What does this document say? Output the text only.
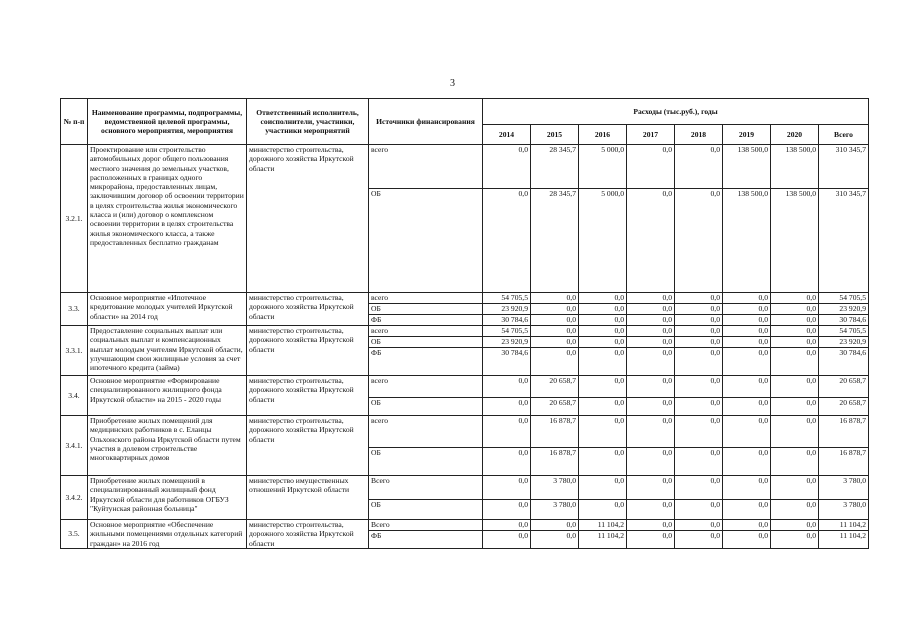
3
№ п-п	Наименование программы, подпрограммы, ведомственной целевой программы, основного мероприятия, мероприятия	Ответственный исполнитель, соисполнители, участники, участники мероприятий	Источники финансирования	Расходы (тыс.руб.), годы							
				2014	2015	2016	2017	2018	2019	2020	Всего
3.2.1.	Проектирование или строительство автомобильных дорог общего пользования местного значения до земельных участков, расположенных в границах одного микрорайона, предоставленных лицам, заключившим договор об освоении территории в целях строительства жилья экономического класса и (или) договор о комплексном освоении территории в целях строительства жилья экономического класса, а также предоставленных бесплатно гражданам	министерство строительства, дорожного хозяйства Иркутской области	всего	0,0	28 345,7	5 000,0	0,0	0,0	138 500,0	138 500,0	310 345,7
			ОБ	0,0	28 345,7	5 000,0	0,0	0,0	138 500,0	138 500,0	310 345,7
3.3.	Основное мероприятие «Ипотечное кредитование молодых учителей Иркутской области» на 2014 год	министерство строительства, дорожного хозяйства Иркутской области	всего	54 705,5	0,0	0,0	0,0	0,0	0,0	0,0	54 705,5
			ОБ	23 920,9	0,0	0,0	0,0	0,0	0,0	0,0	23 920,9
			ФБ	30 784,6	0,0	0,0	0,0	0,0	0,0	0,0	30 784,6
3.3.1.	Предоставление социальных выплат или социальных выплат и компенсационных выплат молодым учителям Иркутской области, улучшающим свои жилищные условия за счет ипотечного кредита (займа)	министерство строительства, дорожного хозяйства Иркутской области	всего	54 705,5	0,0	0,0	0,0	0,0	0,0	0,0	54 705,5
			ОБ	23 920,9	0,0	0,0	0,0	0,0	0,0	0,0	23 920,9
			ФБ	30 784,6	0,0	0,0	0,0	0,0	0,0	0,0	30 784,6
3.4.	Основное мероприятие «Формирование специализированного жилищного фонда Иркутской области» на 2015 - 2020 годы	министерство строительства, дорожного хозяйства Иркутской области	всего	0,0	20 658,7	0,0	0,0	0,0	0,0	0,0	20 658,7
			ОБ	0,0	20 658,7	0,0	0,0	0,0	0,0	0,0	20 658,7
3.4.1.	Приобретение жилых помещений для медицинских работников в с. Еланцы Ольхонского района Иркутской области путем участия в долевом строительстве многоквартирных домов	министерство строительства, дорожного хозяйства Иркутской области	всего	0,0	16 878,7	0,0	0,0	0,0	0,0	0,0	16 878,7
			ОБ	0,0	16 878,7	0,0	0,0	0,0	0,0	0,0	16 878,7
3.4.2.	Приобретение жилых помещений в специализированный жилищный фонд Иркутской области для работников ОГБУЗ "Куйтунская районная больница"	министерство имущественных отношений Иркутской области	Всего	0,0	3 780,0	0,0	0,0	0,0	0,0	0,0	3 780,0
			ОБ	0,0	3 780,0	0,0	0,0	0,0	0,0	0,0	3 780,0
3.5.	Основное мероприятие «Обеспечение жильными помещениями отдельных категорий граждан» на 2016 год	министерство строительства, дорожного хозяйства Иркутской области	Всего	0,0	0,0	11 104,2	0,0	0,0	0,0	0,0	11 104,2
			ФБ	0,0	0,0	11 104,2	0,0	0,0	0,0	0,0	11 104,2
